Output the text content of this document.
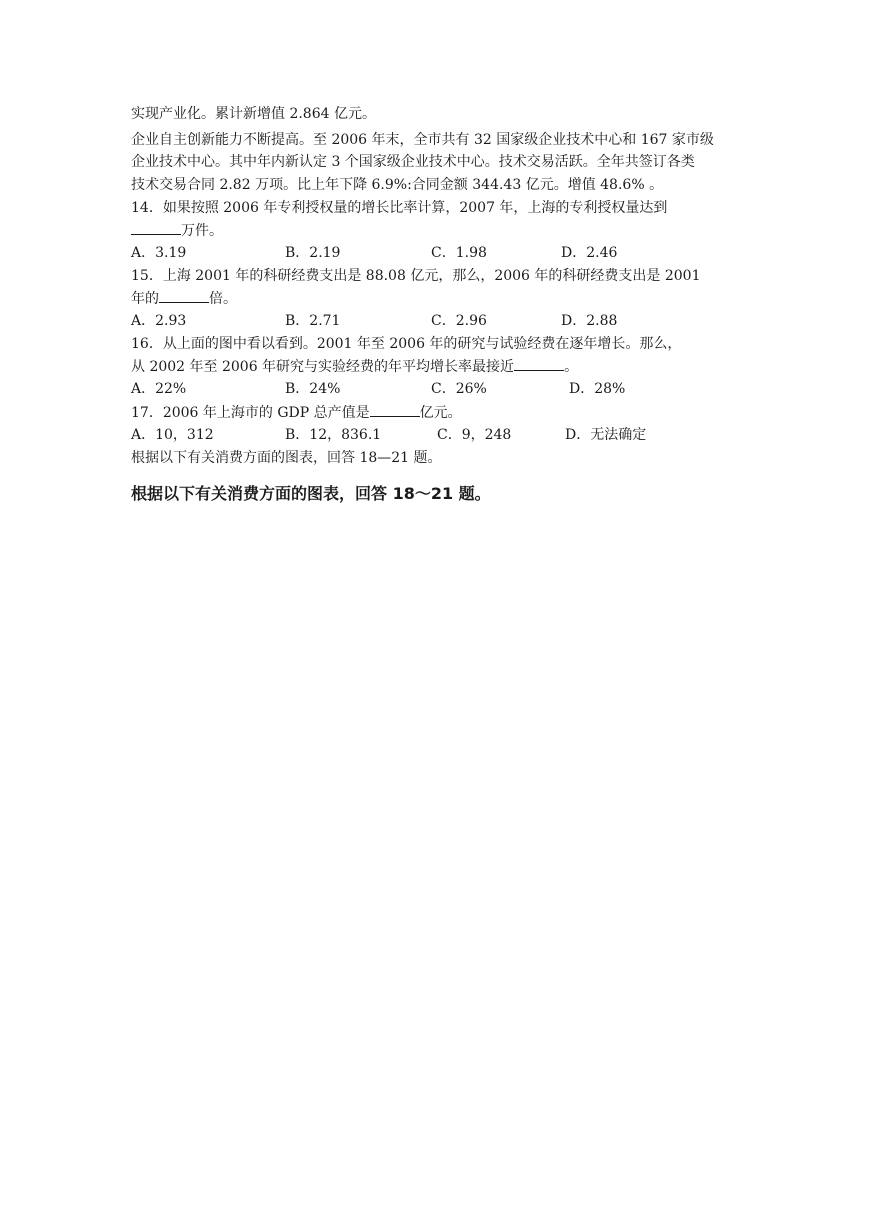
实现产业化。累计新增值 2.864 亿元。
企业自主创新能力不断提高。至 2006 年末，全市共有 32 国家级企业技术中心和 167 家市级
企业技术中心。其中年内新认定 3 个国家级企业技术中心。技术交易活跃。全年共签订各类
技术交易合同 2.82 万项。比上年下降 6.9%:合同金额 344.43 亿元。增值 48.6% 。
14．如果按照 2006 年专利授权量的增长比率计算，2007 年，上海的专利授权量达到
万件。
A．3.19	B．2.19	C．1.98	D．2.46
15．上海 2001 年的科研经费支出是 88.08 亿元，那么，2006 年的科研经费支出是 2001
年的	倍。
A．2.93	B．2.71	C．2.96	D．2.88
16．从上面的图中看以看到。2001 年至 2006 年的研究与试验经费在逐年增长。那么，
从 2002 年至 2006 年研究与实验经费的年平均增长率最接近	。
A．22%	B．24%	C．26%	D．28%
17．2006 年上海市的 GDP 总产值是	亿元。
A．10，312	B．12，836.1	C．9，248	D．无法确定
根据以下有关消费方面的图表，回答 18—21 题。
根据以下有关消费方面的图表，回答 18～21 题。
